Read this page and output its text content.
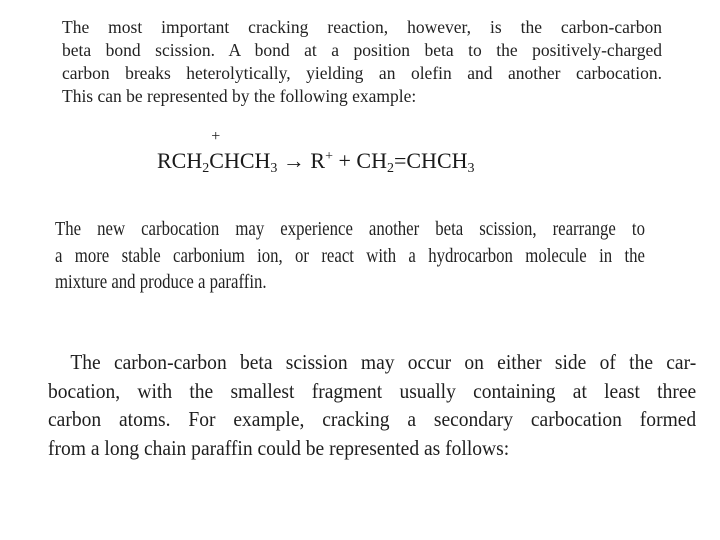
The most important cracking reaction, however, is the carbon-carbon
beta bond scission. A bond at a position beta to the positively-charged
carbon breaks heterolytically, yielding an olefin and another carbocation.
This can be represented by the following example:
$RCH_2$
+
$CHCH_3 \to R^+$ + $CH_2=CHCH_3$
The new carbocation may experience another beta scission, rearrange to
a more stable carbonium ion, or react with a hydrocarbon molecule in the
mixture and produce a paraffin.
The carbon-carbon beta scission may occur on either side of the car-
bocation, with the smallest fragment usually containing at least three
carbon atoms. For example, cracking a secondary carbocation formed
from a long chain paraffin could be represented as follows:
